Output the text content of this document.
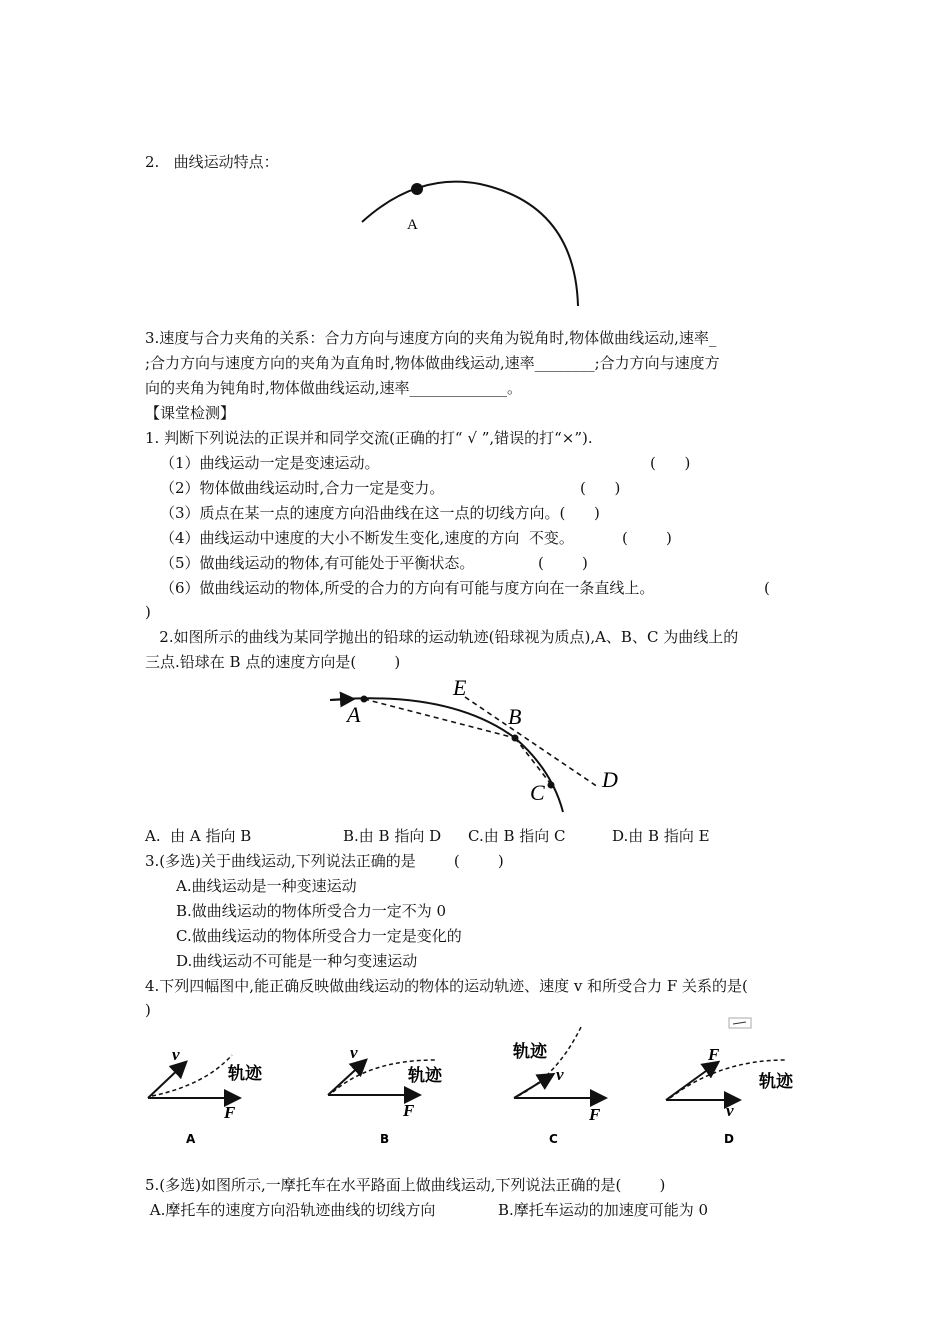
2.   曲线运动特点：
A
3.速度与合力夹角的关系：合力方向与速度方向的夹角为锐角时,物体做曲线运动,速率_
;合力方向与速度方向的夹角为直角时,物体做曲线运动,速率________;合力方向与速度方
向的夹角为钝角时,物体做曲线运动,速率_____________。
【课堂检测】
1. 判断下列说法的正误并和同学交流(正确的打“ √ ”,错误的打“×”).
（1）曲线运动一定是变速运动。	(      )
（2）物体做曲线运动时,合力一定是变力。	(      )
（3）质点在某一点的速度方向沿曲线在这一点的切线方向。(      )
（4）曲线运动中速度的大小不断发生变化,速度的方向  不变。	(        )
（5）做曲线运动的物体,有可能处于平衡状态。	(        )
（6）做曲线运动的物体,所受的合力的方向有可能与度方向在一条直线上。	(
)
2.如图所示的曲线为某同学抛出的铅球的运动轨迹(铅球视为质点),A、B、C 为曲线上的
三点.铅球在 B 点的速度方向是(        )
A	B
C
D
E
A.  由 A 指向 B	B.由 B 指向 D C.由 B 指向 C	D.由 B 指向 E
3.(多选)关于曲线运动,下列说法正确的是        (        )
A.曲线运动是一种变速运动
B.做曲线运动的物体所受合力一定不为 0
C.做曲线运动的物体所受合力一定是变化的
D.曲线运动不可能是一种匀变速运动
4.下列四幅图中,能正确反映做曲线运动的物体的运动轨迹、速度 v 和所受合力 F 关系的是(
)
v
F
轨迹
A
v
F
轨迹
B
v
F
轨迹
C
F
v
轨迹
D
5.(多选)如图所示,一摩托车在水平路面上做曲线运动,下列说法正确的是(        )
A.摩托车的速度方向沿轨迹曲线的切线方向	B.摩托车运动的加速度可能为 0
